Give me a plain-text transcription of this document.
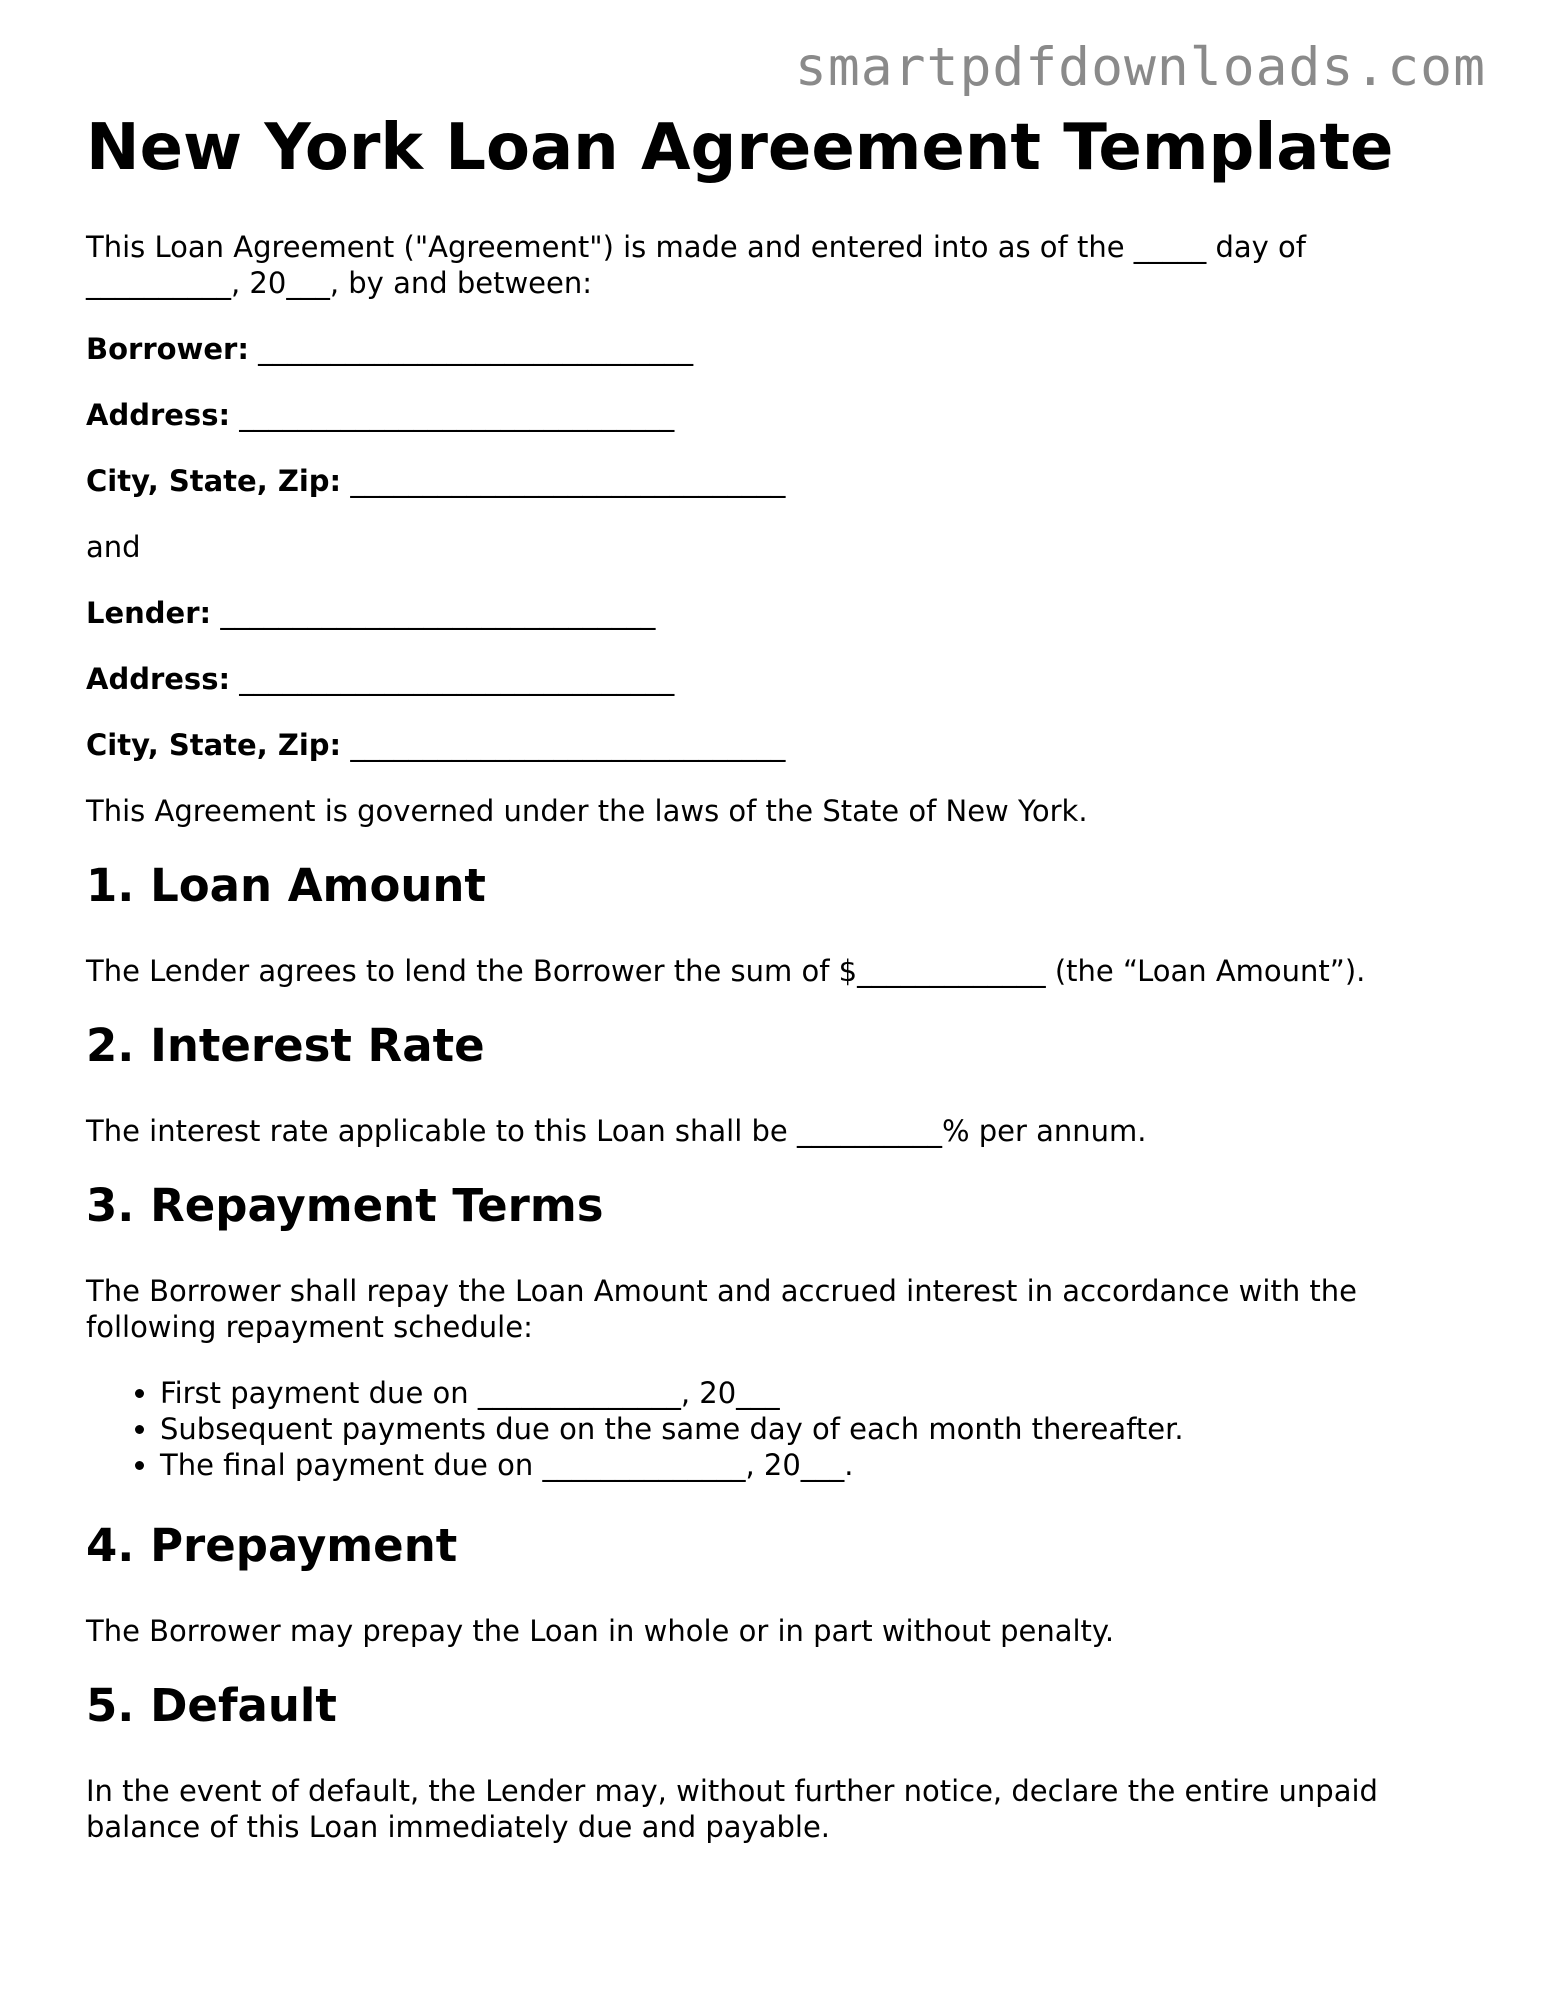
smartpdfdownloads.com

New York Loan Agreement Template

This Loan Agreement ("Agreement") is made and entered into as of the _____ day of __________, 20___, by and between:

Borrower: ______________________________
Address: ______________________________
City, State, Zip: ______________________________

and

Lender: ______________________________
Address: ______________________________
City, State, Zip: ______________________________

This Agreement is governed under the laws of the State of New York.

1. Loan Amount

The Lender agrees to lend the Borrower the sum of $_____________ (the “Loan Amount”).

2. Interest Rate

The interest rate applicable to this Loan shall be __________% per annum.

3. Repayment Terms

The Borrower shall repay the Loan Amount and accrued interest in accordance with the following repayment schedule:

• First payment due on ______________, 20___
• Subsequent payments due on the same day of each month thereafter.
• The final payment due on ______________, 20___.
4. Prepayment

The Borrower may prepay the Loan in whole or in part without penalty.

5. Default

In the event of default, the Lender may, without further notice, declare the entire unpaid balance of this Loan immediately due and payable.
